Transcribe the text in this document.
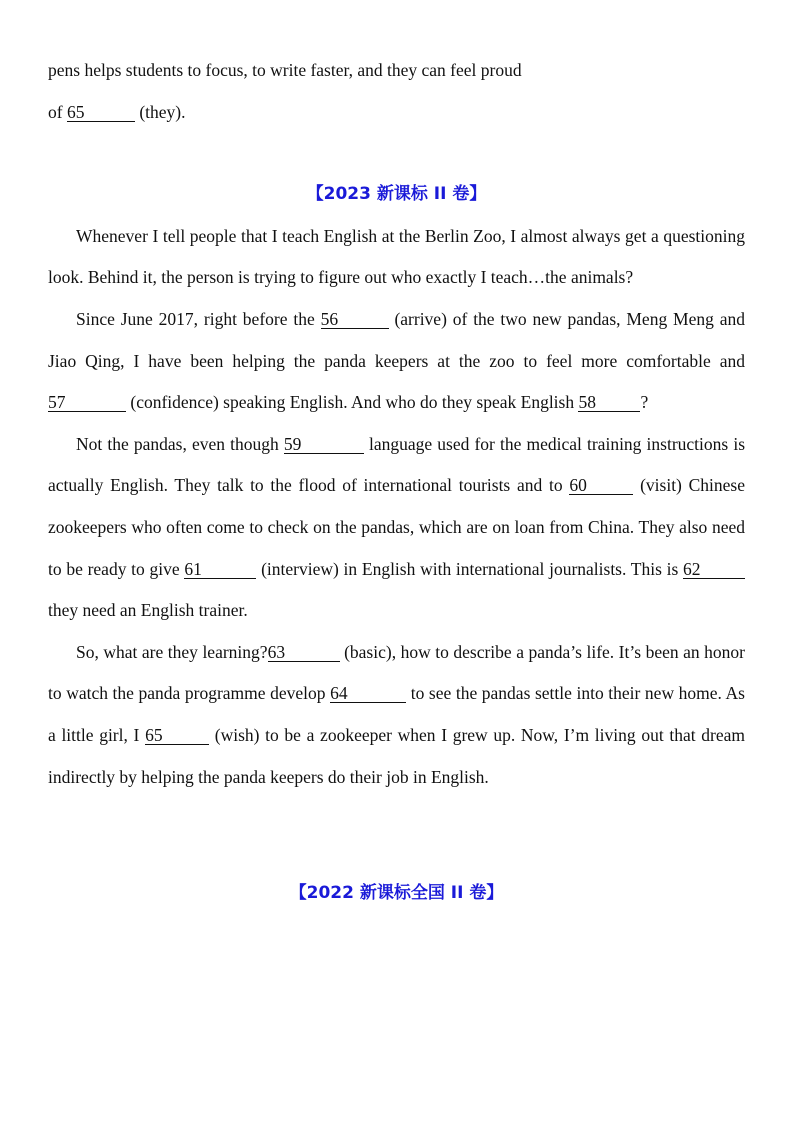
pens helps students to focus, to write faster, and they can feel proud
of 65	(they).

【2023 新课标 II 卷】

Whenever I tell people that I teach English at the Berlin Zoo, I almost always get a questioning look. Behind it, the person is trying to figure out who exactly I teach…the animals?

Since June 2017, right before the 56	(arrive) of the two new pandas, Meng Meng and Jiao Qing, I have been helping the panda keepers at the zoo to feel more comfortable and 57	(confidence) speaking English. And who do they speak English 58	?

Not the pandas, even though 59	language used for the medical training instructions is actually English. They talk to the flood of international tourists and to 60	(visit) Chinese zookeepers who often come to check on the pandas, which are on loan from China. They also need to be ready to give 61	(interview) in English with international journalists. This is 62 they need an English trainer.

So, what are they learning?63	(basic), how to describe a panda’s life. It’s been an honor to watch the panda programme develop 64	to see the pandas settle into their new home. As a little girl, I 65	(wish) to be a zookeeper when I grew up. Now, I’m living out that dream indirectly by helping the panda keepers do their job in English.

【2022 新课标全国 II 卷】
